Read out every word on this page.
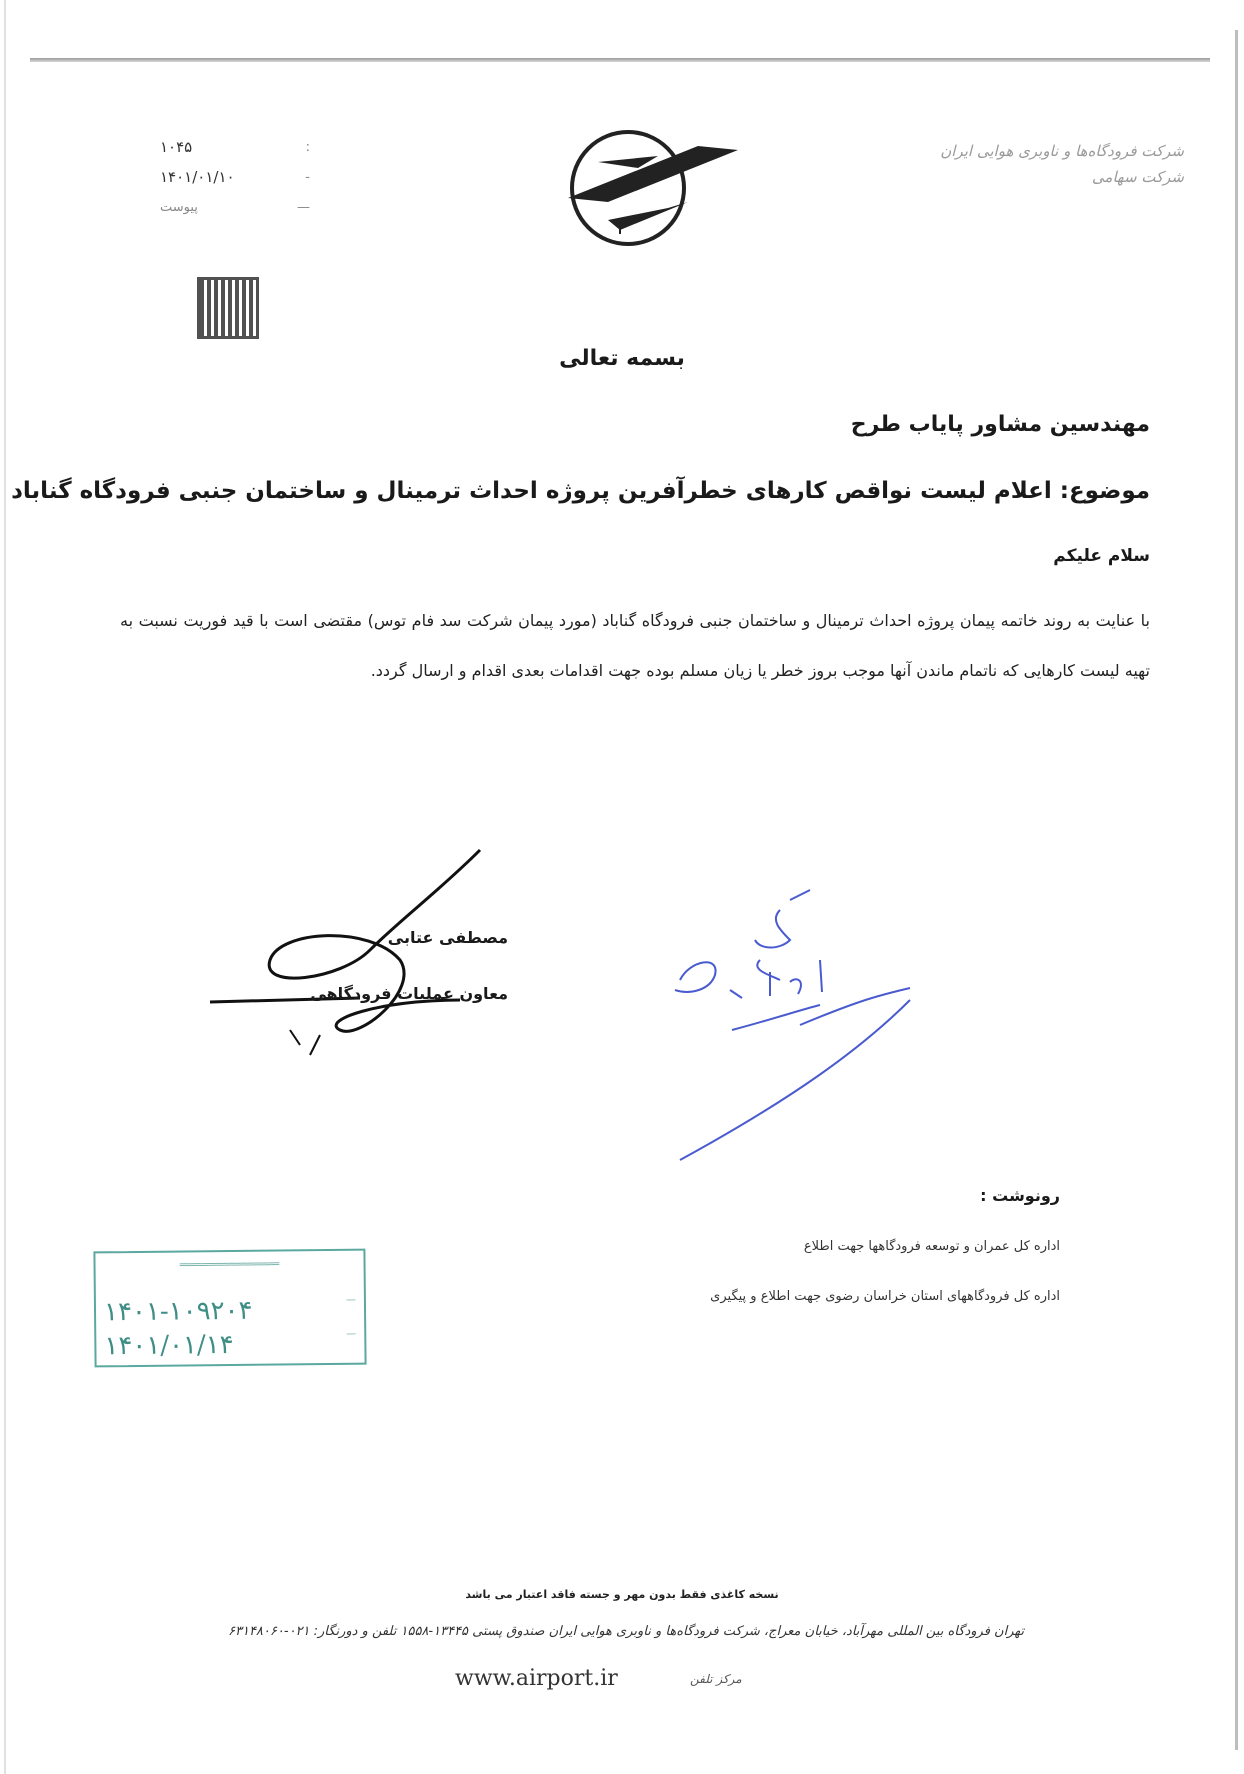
:
۱۰۴۵
-
۱۴۰۱/۰۱/۱۰
—
پیوست
شرکت فرودگاه‌ها و ناوبری هوایی ایران
شرکت سهامی
بسمه تعالی
مهندسین مشاور پایاب طرح
موضوع: اعلام لیست نواقص کارهای خطرآفرین پروژه احداث ترمینال و ساختمان جنبی فرودگاه گناباد
سلام علیکم
با عنایت به روند خاتمه پیمان پروژه احداث ترمینال و ساختمان جنبی فرودگاه گناباد (مورد پیمان شرکت سد فام توس) مقتضی است با قید فوریت نسبت به تهیه لیست کارهایی که ناتمام ماندن آنها موجب بروز خطر یا زیان مسلم بوده جهت اقدامات بعدی اقدام و ارسال گردد.
مصطفی عتابی
معاون عملیات فرودگاهی
رونوشت :
اداره کل عمران و توسعه فرودگاهها جهت اطلاع
اداره کل فرودگاههای استان خراسان رضوی جهت اطلاع و پیگیری
═══════════════
—
۱۴۰۱-۱۰۹۲۰۴
—
۱۴۰۱/۰۱/۱۴
نسخه کاغذی فقط بدون مهر و جسته فاقد اعتبار می باشد
تهران فرودگاه بین المللی مهرآباد، خیابان معراج، شرکت فرودگاه‌ها و ناوبری هوایی ایران صندوق پستی ۱۳۴۴۵-۱۵۵۸ تلفن و دورنگار: ۰۲۱-۶۳۱۴۸۰۶۰
www.airport.ir	مرکز تلفن
